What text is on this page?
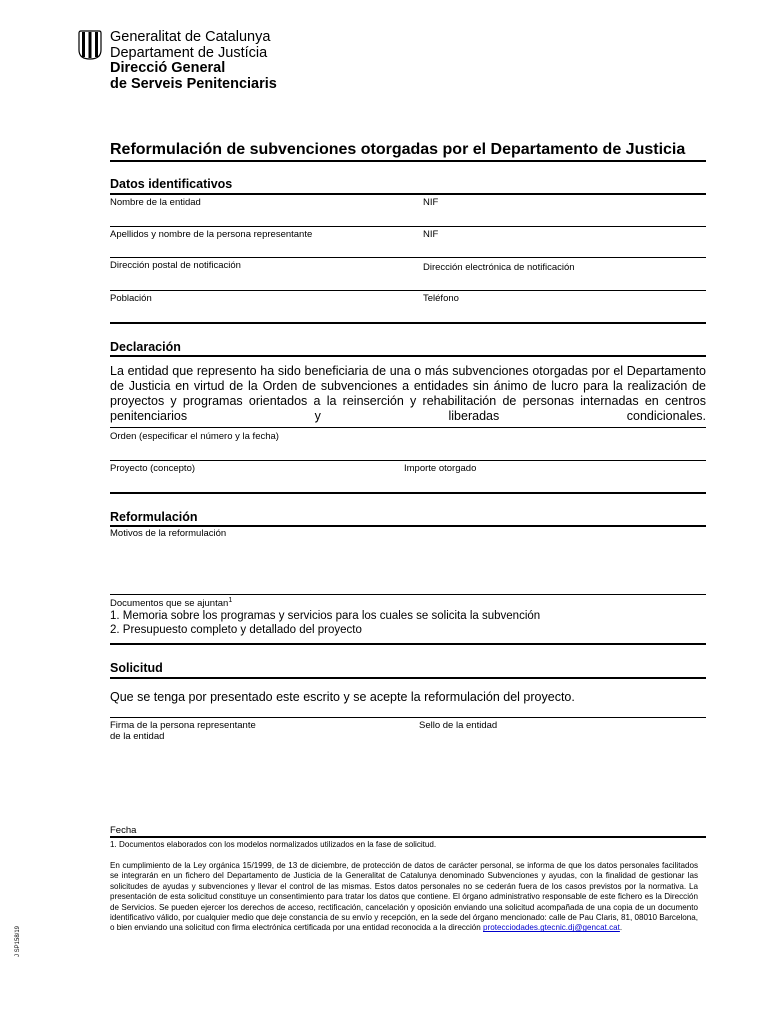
Generalitat de Catalunya
Departament de Justícia
Direcció General
de Serveis Penitenciaris
Reformulación de subvenciones otorgadas por el Departamento de Justicia
Datos identificativos
Nombre de la entidad	NIF
Apellidos y nombre de la persona representante	NIF
Dirección postal de notificación	Dirección electrónica de notificación
Población	Teléfono
Declaración
La entidad que represento ha sido beneficiaria de una o más subvenciones otorgadas por el Departamento de Justicia en virtud de la Orden de subvenciones a entidades sin ánimo de lucro para la realización de proyectos y programas orientados a la reinserción y rehabilitación de personas internadas en centros penitenciarios y liberadas condicionales.
Orden (especificar el número y la fecha)
Proyecto (concepto)	Importe otorgado
Reformulación
Motivos de la reformulación
Documentos que se ajuntan$^1$
1. Memoria sobre los programas y servicios para los cuales se solicita la subvención
2. Presupuesto completo y detallado del proyecto
Solicitud
Que se tenga por presentado este escrito y se acepte la reformulación del proyecto.
Firma de la persona representante
de la entidad
Sello de la entidad
Fecha
1. Documentos elaborados con los modelos normalizados utilizados en la fase de solicitud.
En cumplimiento de la Ley orgánica 15/1999, de 13 de diciembre, de protección de datos de carácter personal, se informa de que los datos personales facilitados se integrarán en un fichero del Departamento de Justicia de la Generalitat de Catalunya denominado Subvenciones y ayudas, con la finalidad de gestionar las solicitudes de ayudas y subvenciones y llevar el control de las mismas. Estos datos personales no se cederán fuera de los casos previstos por la normativa. La presentación de esta solicitud constituye un consentimiento para tratar los datos que contiene. El órgano administrativo responsable de este fichero es la Dirección de Servicios. Se pueden ejercer los derechos de acceso, rectificación, cancelación y oposición enviando una solicitud acompañada de una copia de un documento identificativo válido, por cualquier medio que deje constancia de su envío y recepción, en la sede del órgano mencionado: calle de Pau Claris, 81, 08010 Barcelona, o bien enviando una solicitud con firma electrónica certificada por una entidad reconocida a la dirección protecciodades.gtecnic.dj@gencat.cat.
J SP158/19
